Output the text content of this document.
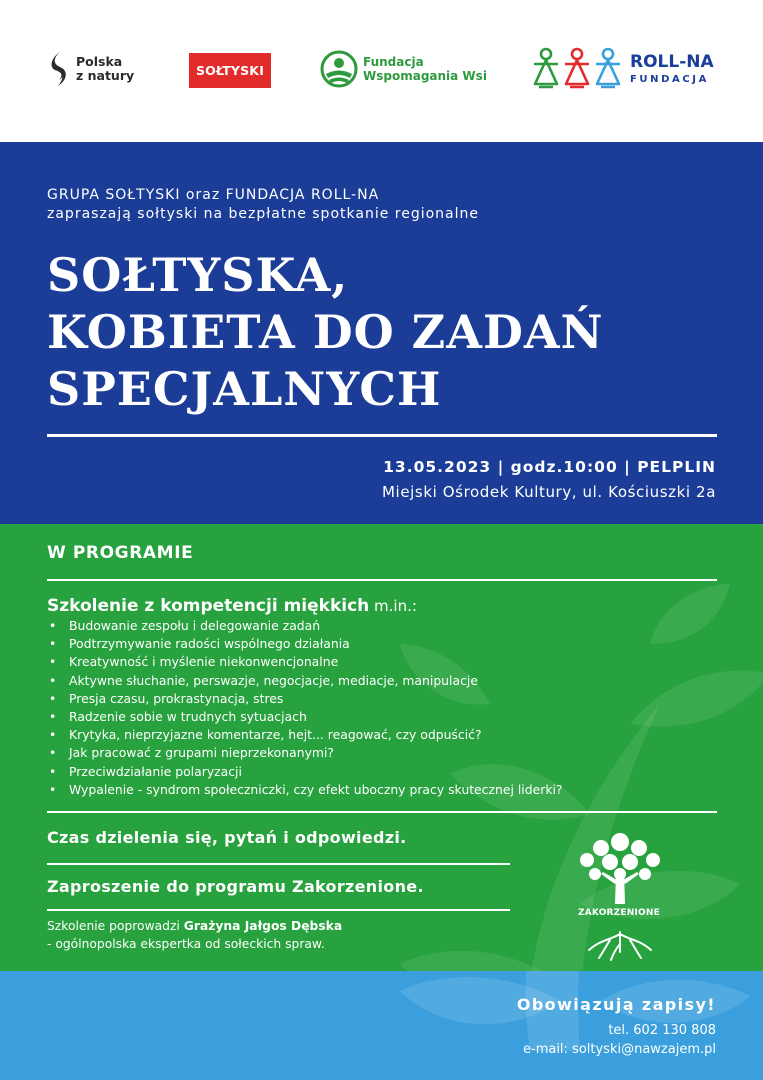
Polska
z natury	SOŁTYSKI
Fundacja
Wspomagania Wsi
ROLL-NA
FUNDACJA
GRUPA SOŁTYSKI oraz FUNDACJA ROLL-NA
zapraszają sołtyski na bezpłatne spotkanie regionalne
SOŁTYSKA,
KOBIETA DO ZADAŃ
SPECJALNYCH
13.05.2023 | godz.10:00 | PELPLIN
Miejski Ośrodek Kultury, ul. Kościuszki 2a
W PROGRAMIE
Szkolenie z kompetencji miękkich m.in.:
• Budowanie zespołu i delegowanie zadań
• Podtrzymywanie radości wspólnego działania
• Kreatywność i myślenie niekonwencjonalne
• Aktywne słuchanie, perswazje, negocjacje, mediacje, manipulacje
• Presja czasu, prokrastynacja, stres
• Radzenie sobie w trudnych sytuacjach
• Krytyka, nieprzyjazne komentarze, hejt... reagować, czy odpuścić?
• Jak pracować z grupami nieprzekonanymi?
• Przeciwdziałanie polaryzacji
• Wypalenie - syndrom społeczniczki, czy efekt uboczny pracy skutecznej liderki?
Czas dzielenia się, pytań i odpowiedzi.
Zaproszenie do programu Zakorzenione.
Szkolenie poprowadzi Grażyna Jałgos Dębska
- ogólnopolska ekspertka od sołeckich spraw.
ZAKORZENIONE
Obowiązują zapisy!
tel. 602 130 808
e-mail: soltyski@nawzajem.pl
